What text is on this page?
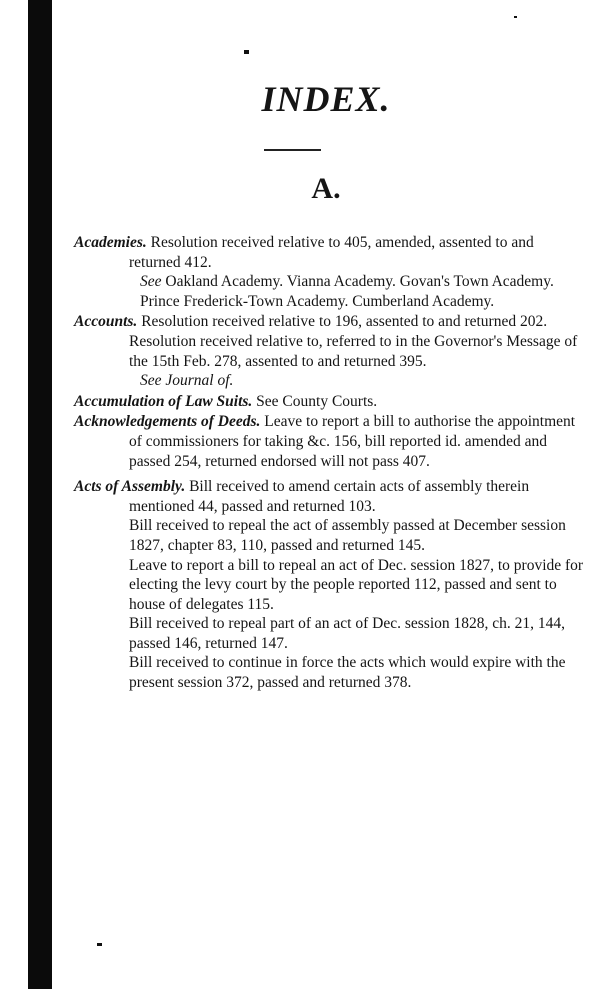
INDEX.
A.

Academies. Resolution received relative to 405, amended, assented to and returned 412.

See Oakland Academy. Vianna Academy. Govan's Town Academy. Prince Frederick-Town Academy. Cumberland Academy.

Accounts. Resolution received relative to 196, assented to and returned 202.

Resolution received relative to, referred to in the Governor's Message of the 15th Feb. 278, assented to and returned 395.

See Journal of.

Accumulation of Law Suits. See County Courts.

Acknowledgements of Deeds. Leave to report a bill to authorise the appointment of commissioners for taking &c. 156, bill reported id. amended and passed 254, returned endorsed will not pass 407.

Acts of Assembly. Bill received to amend certain acts of assembly therein mentioned 44, passed and returned 103.

Bill received to repeal the act of assembly passed at December session 1827, chapter 83, 110, passed and returned 145.

Leave to report a bill to repeal an act of Dec. session 1827, to provide for electing the levy court by the people reported 112, passed and sent to house of delegates 115.

Bill received to repeal part of an act of Dec. session 1828, ch. 21, 144, passed 146, returned 147.

Bill received to continue in force the acts which would expire with the present session 372, passed and returned 378.
